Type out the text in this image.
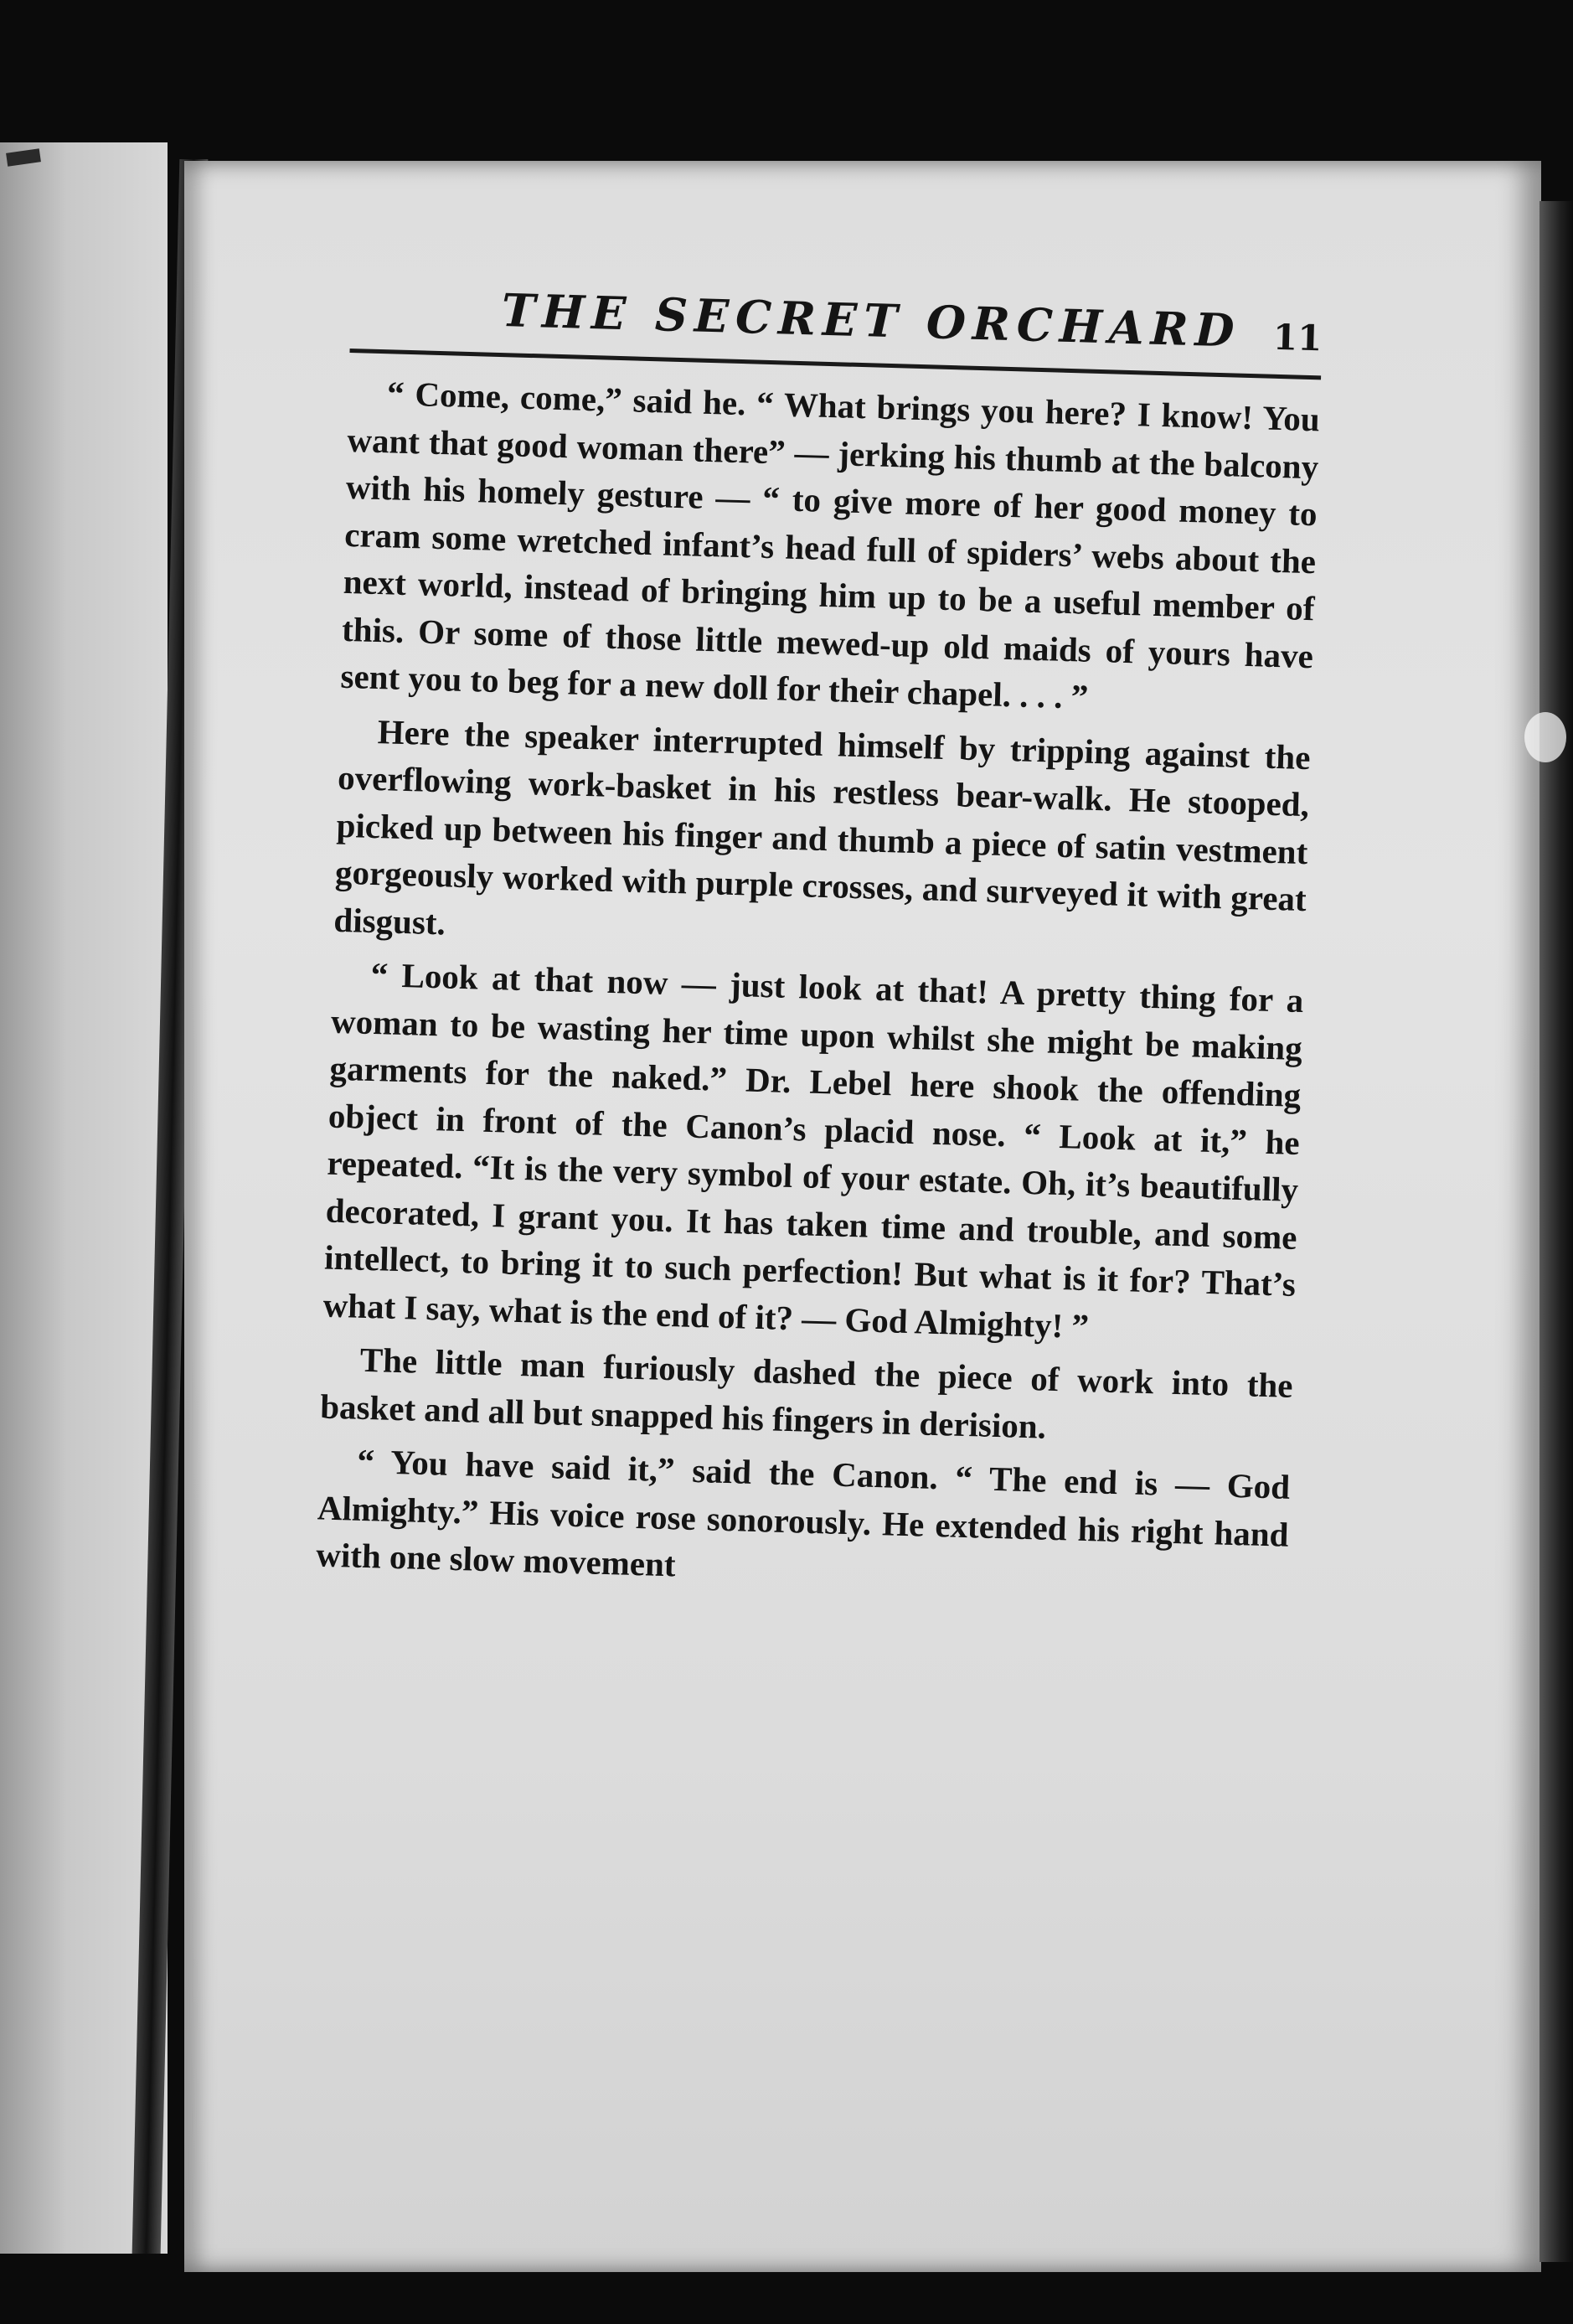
THE SECRET ORCHARD 11

“ Come, come,” said he. “ What brings you here? I know! You want that good woman there” — jerking his thumb at the balcony with his homely gesture — “ to give more of her good money to cram some wretched infant’s head full of spiders’ webs about the next world, instead of bringing him up to be a useful member of this. Or some of those little mewed-up old maids of yours have sent you to beg for a new doll for their chapel. . . . ”

Here the speaker interrupted himself by tripping against the overflowing work-basket in his restless bear-walk. He stooped, picked up between his finger and thumb a piece of satin vestment gorgeously worked with purple crosses, and surveyed it with great disgust.

“ Look at that now — just look at that! A pretty thing for a woman to be wasting her time upon whilst she might be making garments for the naked.” Dr. Lebel here shook the offending object in front of the Canon’s placid nose. “ Look at it,” he repeated. “It is the very symbol of your estate. Oh, it’s beautifully decorated, I grant you. It has taken time and trouble, and some intellect, to bring it to such perfection! But what is it for? That’s what I say, what is the end of it? — God Almighty! ”

The little man furiously dashed the piece of work into the basket and all but snapped his fingers in derision.

“ You have said it,” said the Canon. “ The end is — God Almighty.” His voice rose sonorously. He extended his right hand with one slow movement
